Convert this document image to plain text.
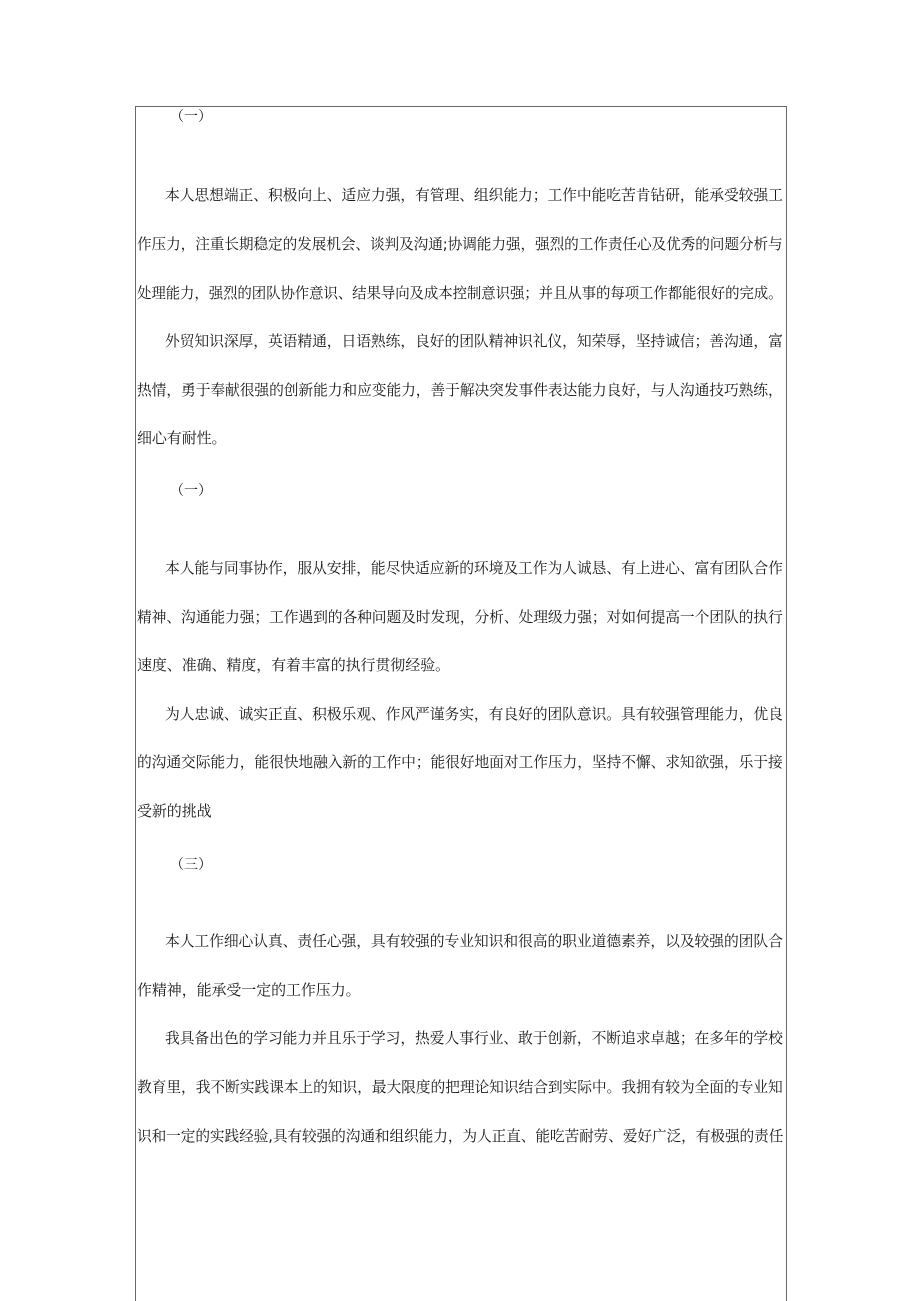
（一）
本人思想端正、积极向上、适应力强，有管理、组织能力；工作中能吃苦肯钻研，能承受较强工
作压力，注重长期稳定的发展机会、谈判及沟通;协调能力强，强烈的工作责任心及优秀的问题分析与
处理能力，强烈的团队协作意识、结果导向及成本控制意识强；并且从事的每项工作都能很好的完成。
外贸知识深厚，英语精通，日语熟练，良好的团队精神识礼仪，知荣辱，坚持诚信；善沟通，富
热情，勇于奉献很强的创新能力和应变能力，善于解决突发事件表达能力良好，与人沟通技巧熟练，
细心有耐性。
（一）
本人能与同事协作，服从安排，能尽快适应新的环境及工作为人诚恳、有上进心、富有团队合作
精神、沟通能力强；工作遇到的各种问题及时发现，分析、处理级力强；对如何提高一个团队的执行
速度、准确、精度，有着丰富的执行贯彻经验。
为人忠诚、诚实正直、积极乐观、作风严谨务实，有良好的团队意识。具有较强管理能力，优良
的沟通交际能力，能很快地融入新的工作中；能很好地面对工作压力，坚持不懈、求知欲强，乐于接
受新的挑战
（三）
本人工作细心认真、责任心强，具有较强的专业知识和很高的职业道德素养，以及较强的团队合
作精神，能承受一定的工作压力。
我具备出色的学习能力并且乐于学习，热爱人事行业、敢于创新，不断追求卓越；在多年的学校
教育里，我不断实践课本上的知识，最大限度的把理论知识结合到实际中。我拥有较为全面的专业知
识和一定的实践经验,具有较强的沟通和组织能力，为人正直、能吃苦耐劳、爱好广泛，有极强的责任
